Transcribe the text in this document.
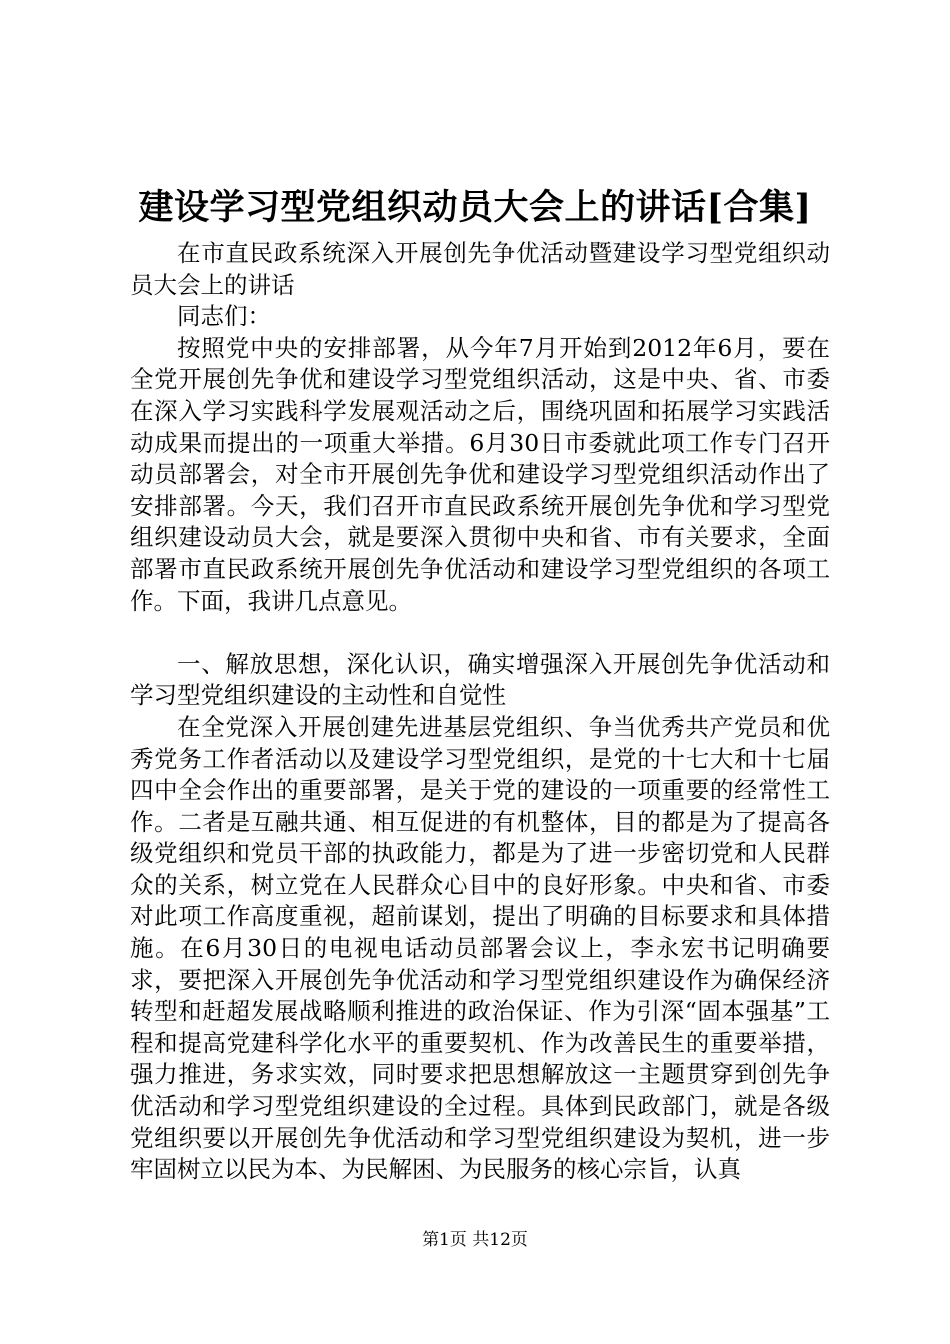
建设学习型党组织动员大会上的讲话[合集]

在市直民政系统深入开展创先争优活动暨建设学习型党组织动员大会上的讲话

同志们：

按照党中央的安排部署，从今年7月开始到2012年6月，要在全党开展创先争优和建设学习型党组织活动，这是中央、省、市委在深入学习实践科学发展观活动之后，围绕巩固和拓展学习实践活动成果而提出的一项重大举措。6月30日市委就此项工作专门召开动员部署会，对全市开展创先争优和建设学习型党组织活动作出了安排部署。今天，我们召开市直民政系统开展创先争优和学习型党组织建设动员大会，就是要深入贯彻中央和省、市有关要求，全面部署市直民政系统开展创先争优活动和建设学习型党组织的各项工作。下面，我讲几点意见。

一、解放思想，深化认识，确实增强深入开展创先争优活动和学习型党组织建设的主动性和自觉性

在全党深入开展创建先进基层党组织、争当优秀共产党员和优秀党务工作者活动以及建设学习型党组织，是党的十七大和十七届四中全会作出的重要部署，是关于党的建设的一项重要的经常性工作。二者是互融共通、相互促进的有机整体，目的都是为了提高各级党组织和党员干部的执政能力，都是为了进一步密切党和人民群众的关系，树立党在人民群众心目中的良好形象。中央和省、市委对此项工作高度重视，超前谋划，提出了明确的目标要求和具体措施。在6月30日的电视电话动员部署会议上，李永宏书记明确要求，要把深入开展创先争优活动和学习型党组织建设作为确保经济转型和赶超发展战略顺利推进的政治保证、作为引深“固本强基”工程和提高党建科学化水平的重要契机、作为改善民生的重要举措，强力推进，务求实效，同时要求把思想解放这一主题贯穿到创先争优活动和学习型党组织建设的全过程。具体到民政部门，就是各级党组织要以开展创先争优活动和学习型党组织建设为契机，进一步牢固树立以民为本、为民解困、为民服务的核心宗旨，认真

第1页 共12页
